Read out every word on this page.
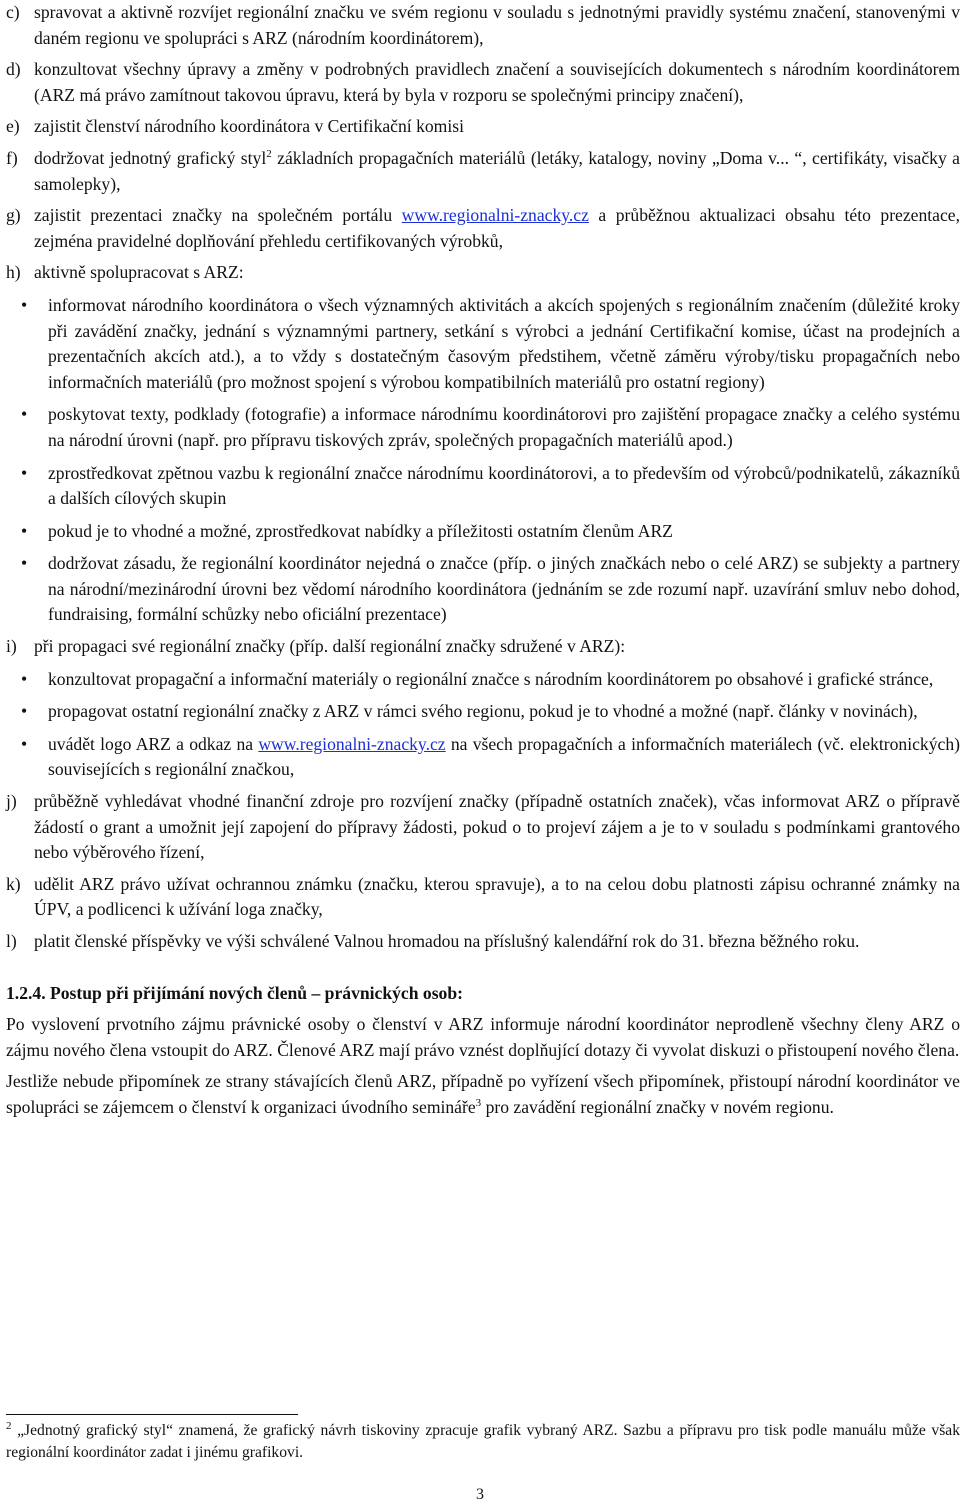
c) spravovat a aktivně rozvíjet regionální značku ve svém regionu v souladu s jednotnými pravidly systému značení, stanovenými v daném regionu ve spolupráci s ARZ (národním koordinátorem),
d) konzultovat všechny úpravy a změny v podrobných pravidlech značení a souvisejících dokumentech s národním koordinátorem (ARZ má právo zamítnout takovou úpravu, která by byla v rozporu se společnými principy značení),
e) zajistit členství národního koordinátora v Certifikační komisi
f) dodržovat jednotný grafický styl$^2$ základních propagačních materiálů (letáky, katalogy, noviny „Doma v... “, certifikáty, visačky a samolepky),
g) zajistit prezentaci značky na společném portálu www.regionalni-znacky.cz a průběžnou aktualizaci obsahu této prezentace, zejména pravidelné doplňování přehledu certifikovaných výrobků,
h) aktivně spolupracovat s ARZ:
• informovat národního koordinátora o všech významných aktivitách a akcích spojených s regionálním značením (důležité kroky při zavádění značky, jednání s významnými partnery, setkání s výrobci a jednání Certifikační komise, účast na prodejních a prezentačních akcích atd.), a to vždy s dostatečným časovým předstihem, včetně záměru výroby/tisku propagačních nebo informačních materiálů (pro možnost spojení s výrobou kompatibilních materiálů pro ostatní regiony)
• poskytovat texty, podklady (fotografie) a informace národnímu koordinátorovi pro zajištění propagace značky a celého systému na národní úrovni (např. pro přípravu tiskových zpráv, společných propagačních materiálů apod.)
• zprostředkovat zpětnou vazbu k regionální značce národnímu koordinátorovi, a to především od výrobců/podnikatelů, zákazníků a dalších cílových skupin
• pokud je to vhodné a možné, zprostředkovat nabídky a příležitosti ostatním členům ARZ
• dodržovat zásadu, že regionální koordinátor nejedná o značce (příp. o jiných značkách nebo o celé ARZ) se subjekty a partnery na národní/mezinárodní úrovni bez vědomí národního koordinátora (jednáním se zde rozumí např. uzavírání smluv nebo dohod, fundraising, formální schůzky nebo oficiální prezentace)
i) při propagaci své regionální značky (příp. další regionální značky sdružené v ARZ):
• konzultovat propagační a informační materiály o regionální značce s národním koordinátorem po obsahové i grafické stránce,
• propagovat ostatní regionální značky z ARZ v rámci svého regionu, pokud je to vhodné a možné (např. články v novinách),
• uvádět logo ARZ a odkaz na www.regionalni-znacky.cz na všech propagačních a informačních materiálech (vč. elektronických) souvisejících s regionální značkou,
j) průběžně vyhledávat vhodné finanční zdroje pro rozvíjení značky (případně ostatních značek), včas informovat ARZ o přípravě žádostí o grant a umožnit její zapojení do přípravy žádosti, pokud o to projeví zájem a je to v souladu s podmínkami grantového nebo výběrového řízení,
k) udělit ARZ právo užívat ochrannou známku (značku, kterou spravuje), a to na celou dobu platnosti zápisu ochranné známky na ÚPV, a podlicenci k užívání loga značky,
l) platit členské příspěvky ve výši schválené Valnou hromadou na příslušný kalendářní rok do 31. března běžného roku.
1.2.4. Postup při přijímání nových členů – právnických osob:

Po vyslovení prvotního zájmu právnické osoby o členství v ARZ informuje národní koordinátor neprodleně všechny členy ARZ o zájmu nového člena vstoupit do ARZ. Členové ARZ mají právo vznést doplňující dotazy či vyvolat diskuzi o přistoupení nového člena.

Jestliže nebude připomínek ze strany stávajících členů ARZ, případně po vyřízení všech připomínek, přistoupí národní koordinátor ve spolupráci se zájemcem o členství k organizaci úvodního semináře$^3$ pro zavádění regionální značky v novém regionu.

$^2$ „Jednotný grafický styl“ znamená, že grafický návrh tiskoviny zpracuje grafik vybraný ARZ. Sazbu a přípravu pro tisk podle manuálu může však regionální koordinátor zadat i jinému grafikovi.
3
